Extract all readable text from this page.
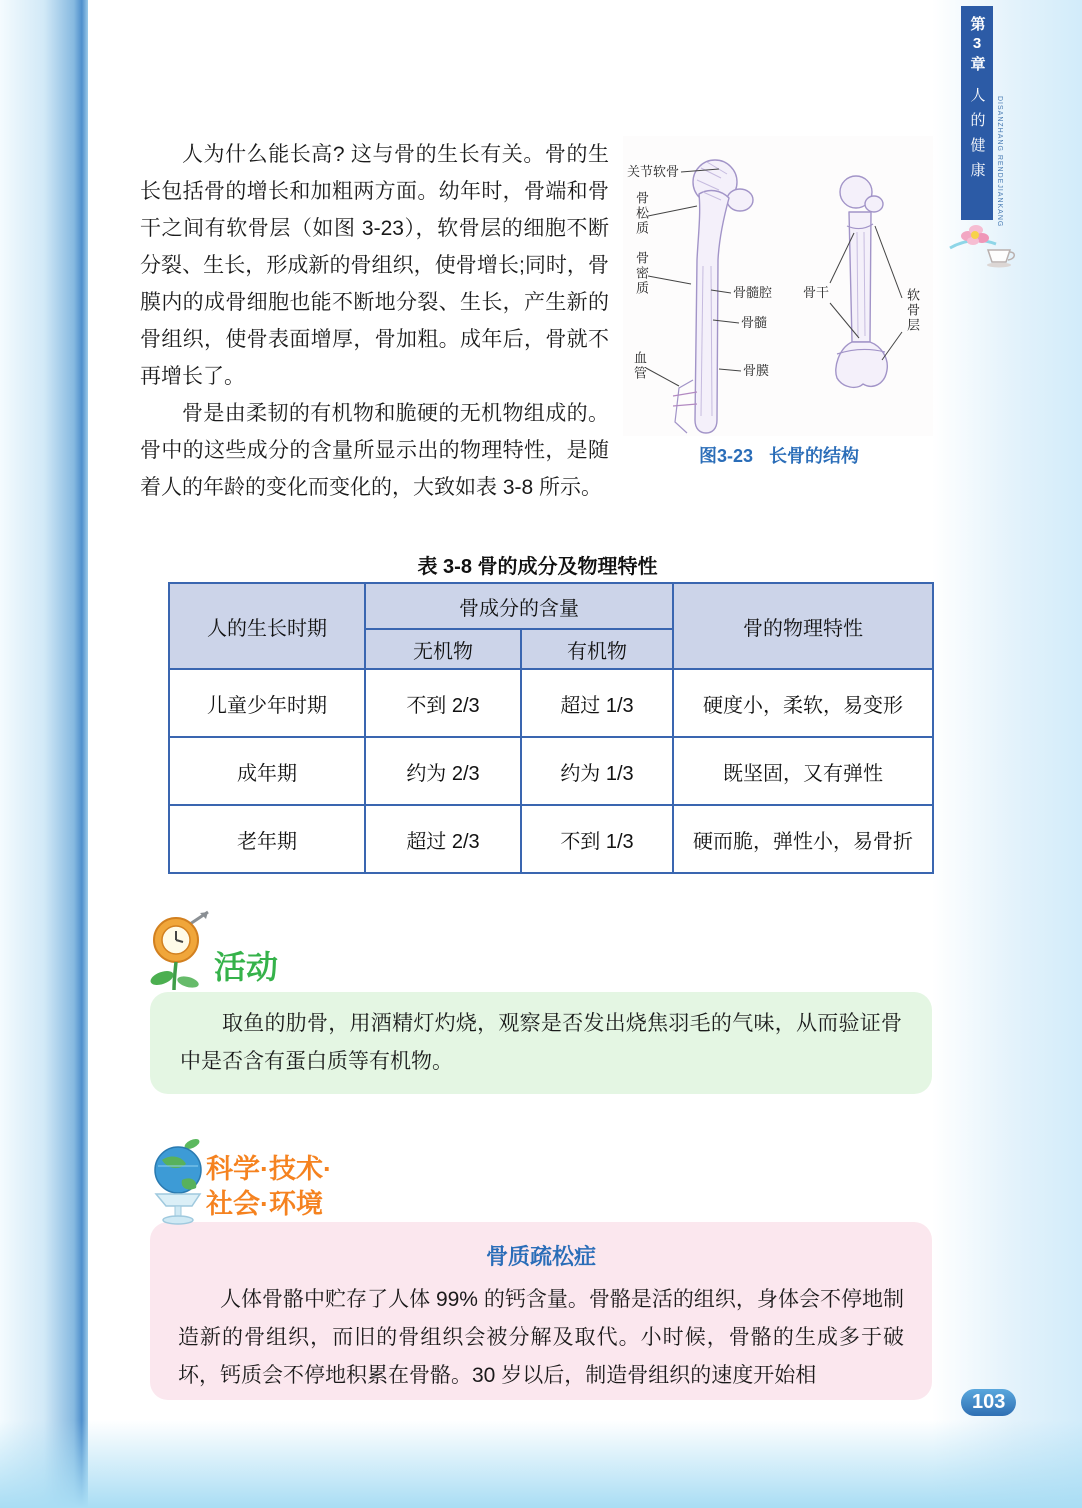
第3章
人的健康 DISANZHANG RENDEJIANKANG
关节软骨
骨松质
骨密质
血管
骨髓腔
骨髓
骨膜
骨干	软骨层
图3-23 长骨的结构

人为什么能长高? 这与骨的生长有关。骨的生长包括骨的增长和加粗两方面。幼年时，骨端和骨干之间有软骨层（如图 3-23），软骨层的细胞不断分裂、生长，形成新的骨组织，使骨增长;同时，骨膜内的成骨细胞也能不断地分裂、生长，产生新的骨组织，使骨表面增厚，骨加粗。成年后，骨就不再增长了。

骨是由柔韧的有机物和脆硬的无机物组成的。骨中的这些成分的含量所显示出的物理特性，是随着人的年龄的变化而变化的，大致如表 3-8 所示。

表 3-8 骨的成分及物理特性
人的生长时期	骨成分的含量		骨的物理特性
	无机物	有机物	
儿童少年时期	不到 2/3	超过 1/3	硬度小，柔软，易变形
成年期	约为 2/3	约为 1/3	既坚固，又有弹性
老年期	超过 2/3	不到 1/3	硬而脆，弹性小，易骨折
活动

取鱼的肋骨，用酒精灯灼烧，观察是否发出烧焦羽毛的气味，从而验证骨中是否含有蛋白质等有机物。

科学·技术·
社会·环境
骨质疏松症

人体骨骼中贮存了人体 99% 的钙含量。骨骼是活的组织，身体会不停地制造新的骨组织，而旧的骨组织会被分解及取代。小时候，骨骼的生成多于破坏，钙质会不停地积累在骨骼。30 岁以后，制造骨组织的速度开始相

103
